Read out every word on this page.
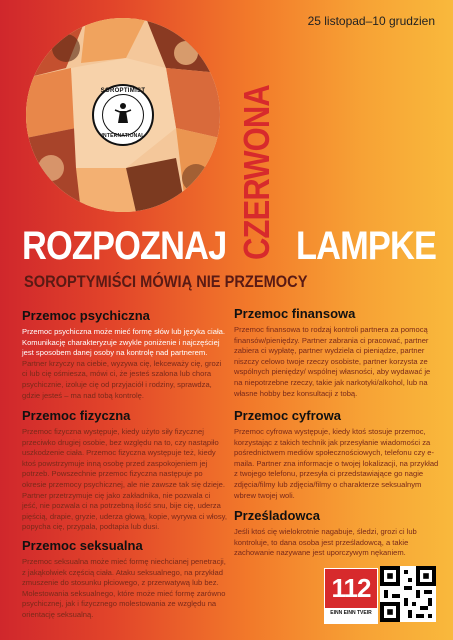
25 listopad–10 grudzien
SOROPTIMIST
INTERNATIONAL	CZERWONA
ROZPOZNAJ LAMPKE
SOROPTYMIŚCI MÓWIĄ NIE PRZEMOCY
Przemoc psychiczna

Przemoc psychiczna może mieć formę słów lub języka ciała. Komunikację charakteryzuje zwykle poniżenie i najczęściej jest sposobem danej osoby na kontrolę nad partnerem. Partner krzyczy na ciebie, wyzywa cię, lekceważy cię, grozi ci lub cię ośmiesza, mówi ci, że jesteś szalona lub chora psychicznie, izoluje cię od przyjaciół i rodziny, sprawdza, gdzie jesteś – ma nad tobą kontrolę.

Przemoc fizyczna

Przemoc fizyczna występuje, kiedy użyto siły fizycznej przeciwko drugiej osobie, bez względu na to, czy nastąpiło uszkodzenie ciała. Przemoc fizyczna występuje też, kiedy ktoś powstrzymuje inną osobę przed zaspokojeniem jej potrzeb. Powszechnie przemoc fizyczna następuje po okresie przemocy psychicznej, ale nie zawsze tak się dzieje. Partner przetrzymuje cię jako zakładnika, nie pozwala ci jeść, nie pozwala ci na potrzebną ilość snu, bije cię, uderza pięścią, drapie, gryzie, uderza głową, kopie, wyrywa ci włosy, popycha cię, przypala, podtapia lub dusi.

Przemoc seksualna

Przemoc seksualna może mieć formę niechcianej penetracji, z jakąkolwiek częścią ciała. Ataku seksualnego, na przykład zmuszenie do stosunku płciowego, z przerwatywą lub bez. Molestowania seksualnego, które może mieć formę zarówno psychicznej, jak i fizycznego molestowania ze względu na orientację seksualną.

Przemoc finansowa

Przemoc finansowa to rodzaj kontroli partnera za pomocą finansów/pieniędzy. Partner zabrania ci pracować, partner zabiera ci wypłatę, partner wydziela ci pieniądze, partner niszczy celowo twoje rzeczy osobiste, partner korzysta ze wspólnych pieniędzy/ wspólnej własności, aby wydawać je na niepotrzebne rzeczy, takie jak narkotyki/alkohol, lub na własne hobby bez konsultacji z tobą.

Przemoc cyfrowa

Przemoc cyfrowa występuje, kiedy ktoś stosuje przemoc, korzystając z takich technik jak przesyłanie wiadomości za pośrednictwem mediów społecznościowych, telefonu czy e-maila. Partner zna informacje o twojej lokalizacji, na przykład z twojego telefonu, przesyła ci przedstawiające go nagie zdjęcia/filmy lub zdjęcia/filmy o charakterze seksualnym wbrew twojej woli.

Prześladowca

Jeśli ktoś cię wielokrotnie nagabuje, śledzi, grozi ci lub kontroluje, to dana osoba jest prześladowcą, a takie zachowanie nazywane jest uporczywym nękaniem.

112
EINN EINN TVEIR
